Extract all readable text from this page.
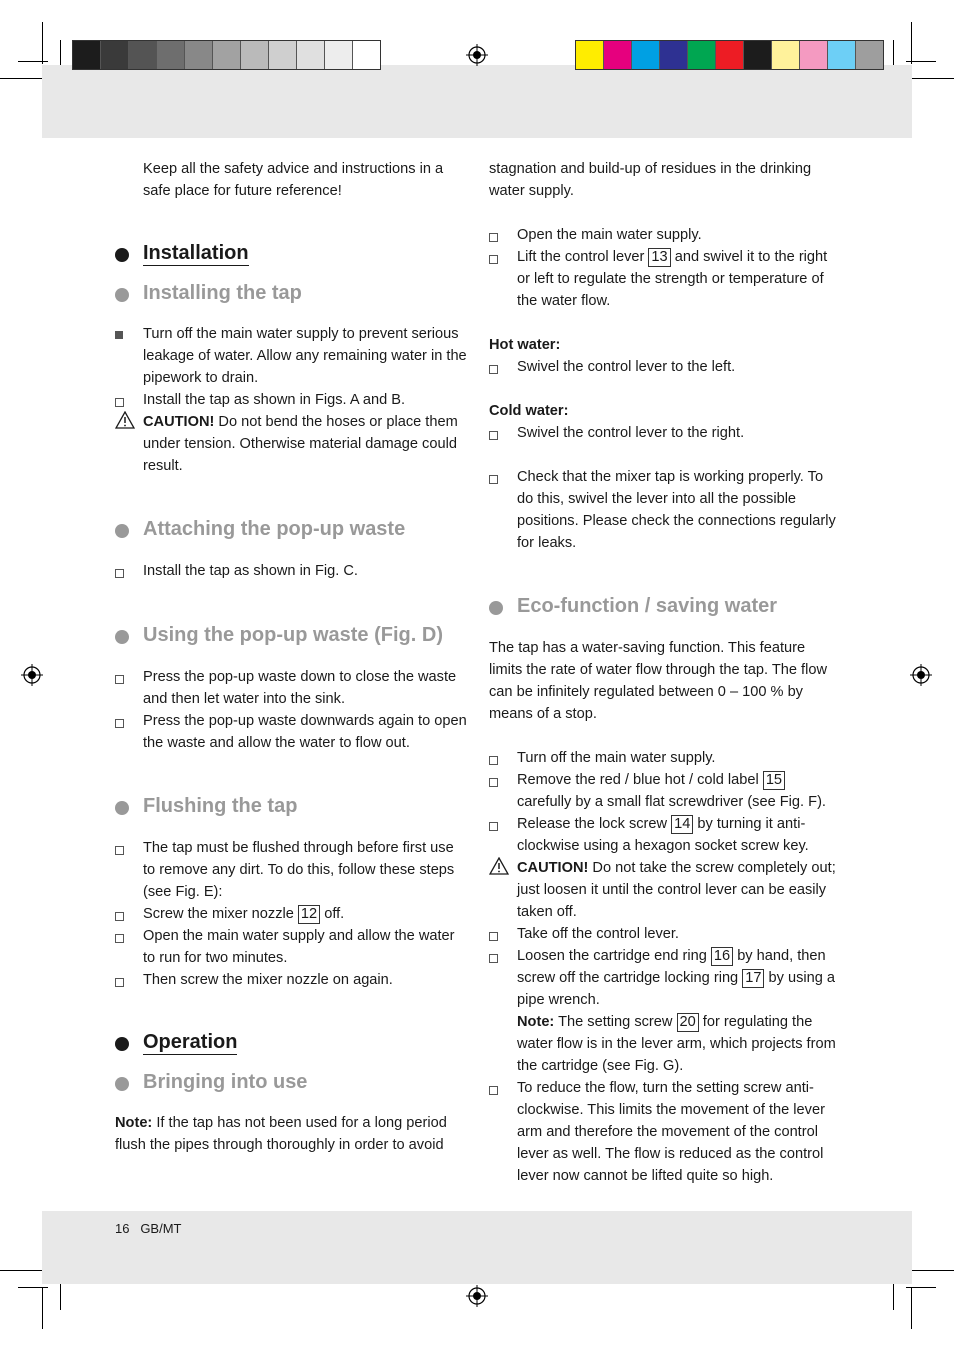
Keep all the safety advice and instructions in a safe place for future reference!

Installation

Installing the tap

Turn off the main water supply to prevent serious leakage of water. Allow any remaining water in the pipework to drain.

Install the tap as shown in Figs. A and B.

CAUTION! Do not bend the hoses or place them under tension. Otherwise material damage could result.

Attaching the pop-up waste

Install the tap as shown in Fig. C.

Using the pop-up waste (Fig. D)

Press the pop-up waste down to close the waste and then let water into the sink.

Press the pop-up waste downwards again to open the waste and allow the water to flow out.

Flushing the tap

The tap must be flushed through before first use to remove any dirt. To do this, follow these steps (see Fig. E):

Screw the mixer nozzle 12 off.

Open the main water supply and allow the water to run for two minutes.

Then screw the mixer nozzle on again.

Operation

Bringing into use

Note: If the tap has not been used for a long period flush the pipes through thoroughly in order to avoid

stagnation and build-up of residues in the drinking water supply.

Open the main water supply.

Lift the control lever 13 and swivel it to the right or left to regulate the strength or temperature of the water flow.

Hot water:

Swivel the control lever to the left.

Cold water:

Swivel the control lever to the right.

Check that the mixer tap is working properly. To do this, swivel the lever into all the possible positions. Please check the connections regularly for leaks.

Eco-function / saving water

The tap has a water-saving function. This feature limits the rate of water flow through the tap. The flow can be infinitely regulated between 0 – 100 % by means of a stop.

Turn off the main water supply.

Remove the red / blue hot / cold label 15 carefully by a small flat screwdriver (see Fig. F).

Release the lock screw 14 by turning it anti-clockwise using a hexagon socket screw key.

CAUTION! Do not take the screw completely out; just loosen it until the control lever can be easily taken off.

Take off the control lever.

Loosen the cartridge end ring 16 by hand, then screw off the cartridge locking ring 17 by using a pipe wrench.

Note: The setting screw 20 for regulating the water flow is in the lever arm, which projects from the cartridge (see Fig. G).

To reduce the flow, turn the setting screw anti-clockwise. This limits the movement of the lever arm and therefore the movement of the control lever as well. The flow is reduced as the control lever now cannot be lifted quite so high.

16 GB/MT
